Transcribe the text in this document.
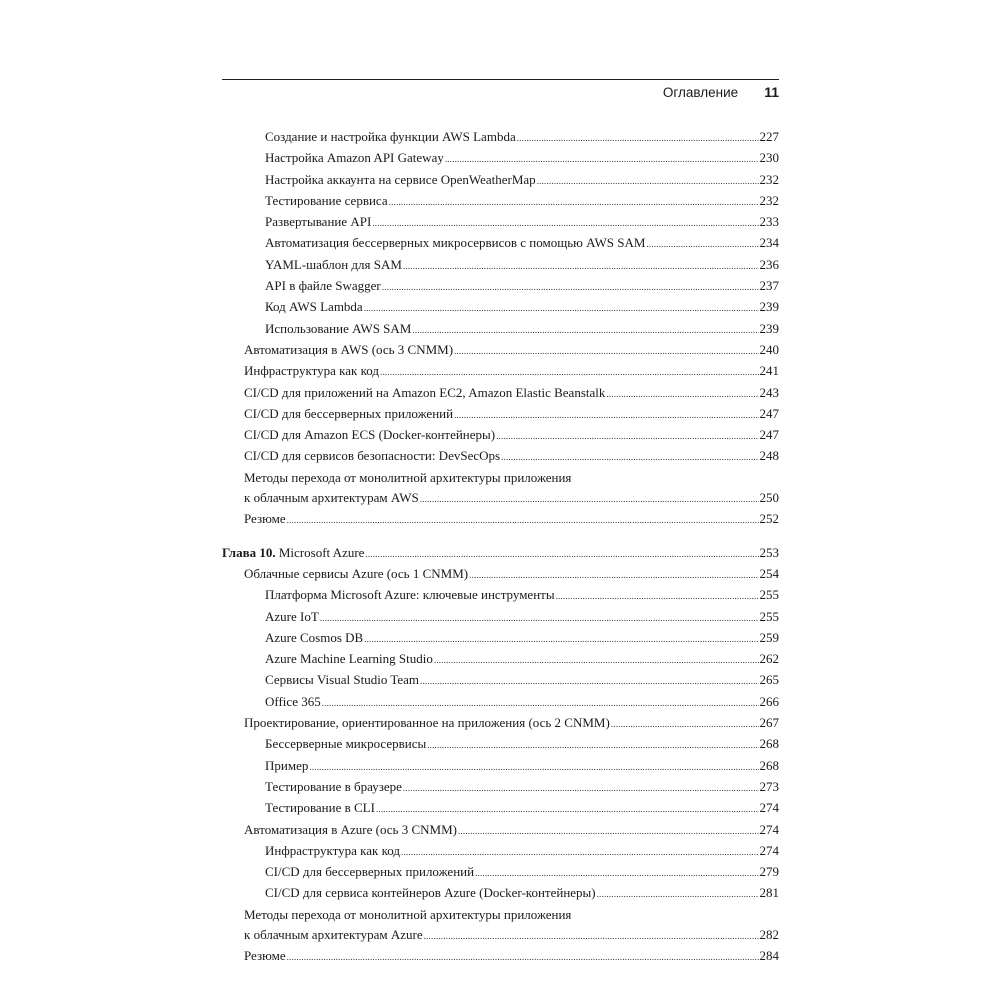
Оглавление 11
Создание и настройка функции AWS Lambda .....	227
Настройка Amazon API Gateway .....	230
Настройка аккаунта на сервисе OpenWeatherMap .....	232
Тестирование сервиса .....	232
Развертывание API .....	233
Автоматизация бессерверных микросервисов с помощью AWS SAM .....	234
YAML-шаблон для SAM .....	236
API в файле Swagger .....	237
Код AWS Lambda .....	239
Использование AWS SAM .....	239
Автоматизация в AWS (ось 3 CNMM) .....	240
Инфраструктура как код .....	241
CI/CD для приложений на Amazon EC2, Amazon Elastic Beanstalk .....	243
CI/CD для бессерверных приложений .....	247
CI/CD для Amazon ECS (Docker-контейнеры) .....	247
CI/CD для сервисов безопасности: DevSecOps .....	248
Методы перехода от монолитной архитектуры приложения
к облачным архитектурам AWS .....	250
Резюме .....	252
Глава 10. Microsoft Azure .....	253
Облачные сервисы Azure (ось 1 CNMM) .....	254
Платформа Microsoft Azure: ключевые инструменты .....	255
Azure IoT .....	255
Azure Cosmos DB .....	259
Azure Machine Learning Studio .....	262
Сервисы Visual Studio Team .....	265
Office 365 .....	266
Проектирование, ориентированное на приложения (ось 2 CNMM) .....	267
Бессерверные микросервисы .....	268
Пример .....	268
Тестирование в браузере .....	273
Тестирование в CLI .....	274
Автоматизация в Azure (ось 3 CNMM) .....	274
Инфраструктура как код .....	274
CI/CD для бессерверных приложений .....	279
CI/CD для сервиса контейнеров Azure (Docker-контейнеры) .....	281
Методы перехода от монолитной архитектуры приложения
к облачным архитектурам Azure .....	282
Резюме .....	284
